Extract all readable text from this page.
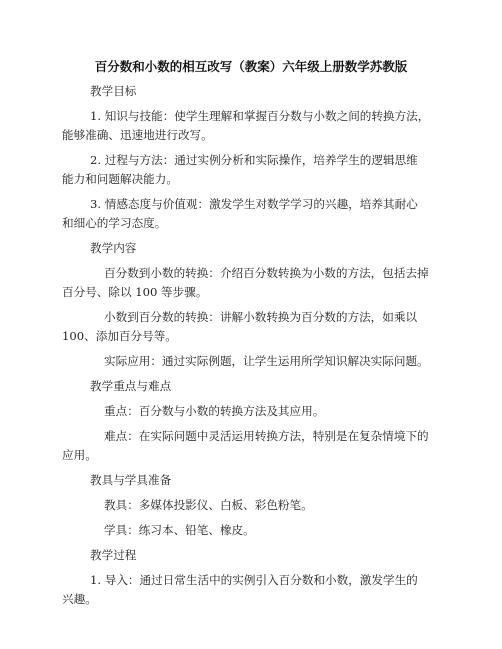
百分数和小数的相互改写（教案）六年级上册数学苏教版
教学目标
1. 知识与技能：使学生理解和掌握百分数与小数之间的转换方法，
能够准确、迅速地进行改写。
2. 过程与方法：通过实例分析和实际操作，培养学生的逻辑思维
能力和问题解决能力。
3. 情感态度与价值观：激发学生对数学学习的兴趣，培养其耐心
和细心的学习态度。
教学内容
百分数到小数的转换：介绍百分数转换为小数的方法，包括去掉
百分号、除以 100 等步骤。
小数到百分数的转换：讲解小数转换为百分数的方法，如乘以
100、添加百分号等。
实际应用：通过实际例题，让学生运用所学知识解决实际问题。
教学重点与难点
重点：百分数与小数的转换方法及其应用。
难点：在实际问题中灵活运用转换方法，特别是在复杂情境下的
应用。
教具与学具准备
教具：多媒体投影仪、白板、彩色粉笔。
学具：练习本、铅笔、橡皮。
教学过程
1. 导入：通过日常生活中的实例引入百分数和小数，激发学生的
兴趣。
